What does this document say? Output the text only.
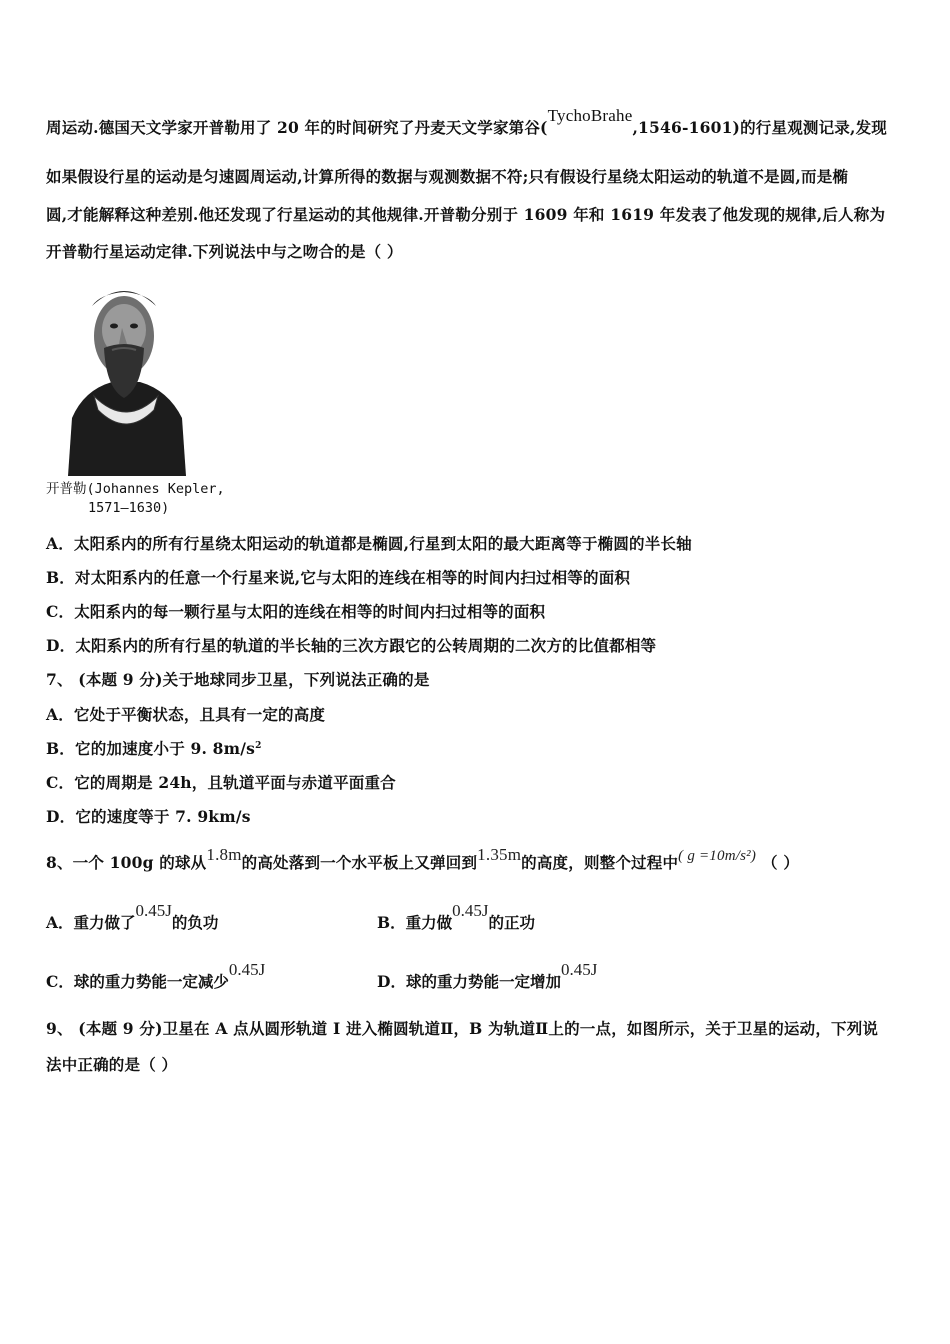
周运动.德国天文学家开普勒用了 20 年的时间研究了丹麦天文学家第谷(TychoBrahe,1546-1601)的行星观测记录,发现
如果假设行星的运动是匀速圆周运动,计算所得的数据与观测数据不符;只有假设行星绕太阳运动的轨道不是圆,而是椭
圆,才能解释这种差别.他还发现了行星运动的其他规律.开普勒分别于 1609 年和 1619 年发表了他发现的规律,后人称为
开普勒行星运动定律.下列说法中与之吻合的是（ ）
开普勒(Johannes Kepler,
1571—1630)
A．太阳系内的所有行星绕太阳运动的轨道都是椭圆,行星到太阳的最大距离等于椭圆的半长轴
B．对太阳系内的任意一个行星来说,它与太阳的连线在相等的时间内扫过相等的面积
C．太阳系内的每一颗行星与太阳的连线在相等的时间内扫过相等的面积
D．太阳系内的所有行星的轨道的半长轴的三次方跟它的公转周期的二次方的比值都相等
7、 (本题 9 分)关于地球同步卫星，下列说法正确的是
A．它处于平衡状态，且具有一定的高度
B．它的加速度小于 9. $8m/s^2$
C．它的周期是 24h，且轨道平面与赤道平面重合
D．它的速度等于 7. 9km/s
8、一个 100g 的球从1.8m的高处落到一个水平板上又弹回到1.35m的高度，则整个过程中( g =10m/s²) （ ）
A．重力做了0.45J的负功	B．重力做0.45J的正功
C．球的重力势能一定减少0.45J
D．球的重力势能一定增加0.45J
9、 (本题 9 分)卫星在 A 点从圆形轨道 I 进入椭圆轨道Ⅱ，B 为轨道Ⅱ上的一点，如图所示，关于卫星的运动，下列说
法中正确的是（ ）
